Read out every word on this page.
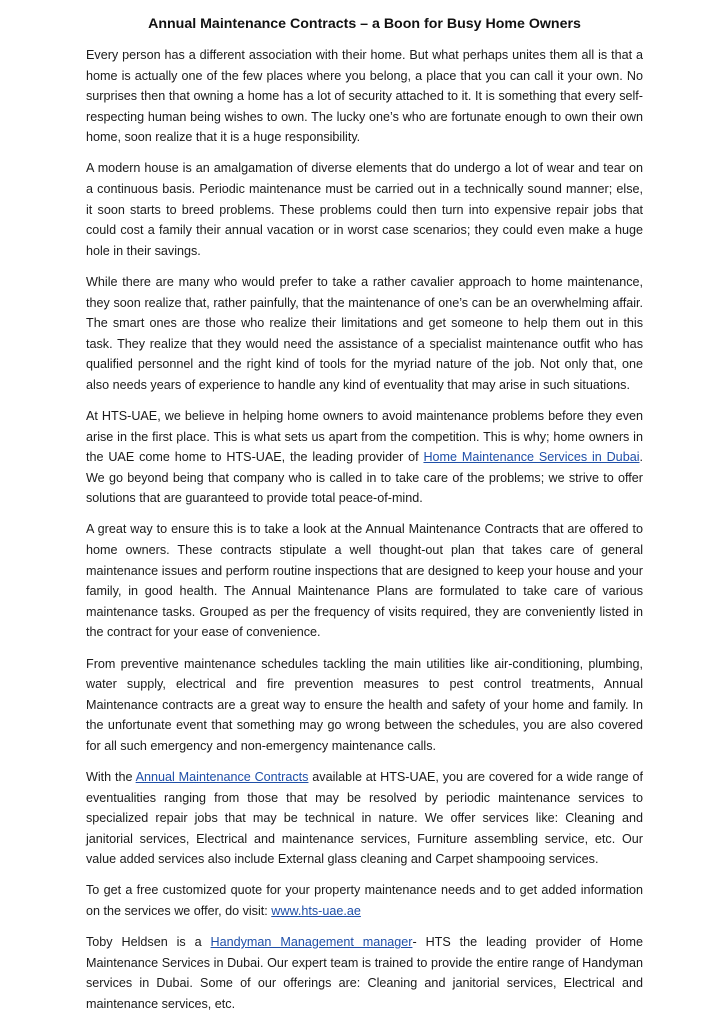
Annual Maintenance Contracts – a Boon for Busy Home Owners

Every person has a different association with their home. But what perhaps unites them all is that a home is actually one of the few places where you belong, a place that you can call it your own. No surprises then that owning a home has a lot of security attached to it. It is something that every self-respecting human being wishes to own. The lucky one’s who are fortunate enough to own their own home, soon realize that it is a huge responsibility.

A modern house is an amalgamation of diverse elements that do undergo a lot of wear and tear on a continuous basis. Periodic maintenance must be carried out in a technically sound manner; else, it soon starts to breed problems. These problems could then turn into expensive repair jobs that could cost a family their annual vacation or in worst case scenarios; they could even make a huge hole in their savings.

While there are many who would prefer to take a rather cavalier approach to home maintenance, they soon realize that, rather painfully, that the maintenance of one’s can be an overwhelming affair. The smart ones are those who realize their limitations and get someone to help them out in this task. They realize that they would need the assistance of a specialist maintenance outfit who has qualified personnel and the right kind of tools for the myriad nature of the job. Not only that, one also needs years of experience to handle any kind of eventuality that may arise in such situations.

At HTS-UAE, we believe in helping home owners to avoid maintenance problems before they even arise in the first place. This is what sets us apart from the competition. This is why; home owners in the UAE come home to HTS-UAE, the leading provider of Home Maintenance Services in Dubai. We go beyond being that company who is called in to take care of the problems; we strive to offer solutions that are guaranteed to provide total peace-of-mind.

A great way to ensure this is to take a look at the Annual Maintenance Contracts that are offered to home owners. These contracts stipulate a well thought-out plan that takes care of general maintenance issues and perform routine inspections that are designed to keep your house and your family, in good health. The Annual Maintenance Plans are formulated to take care of various maintenance tasks. Grouped as per the frequency of visits required, they are conveniently listed in the contract for your ease of convenience.

From preventive maintenance schedules tackling the main utilities like air-conditioning, plumbing, water supply, electrical and fire prevention measures to pest control treatments, Annual Maintenance contracts are a great way to ensure the health and safety of your home and family. In the unfortunate event that something may go wrong between the schedules, you are also covered for all such emergency and non-emergency maintenance calls.

With the Annual Maintenance Contracts available at HTS-UAE, you are covered for a wide range of eventualities ranging from those that may be resolved by periodic maintenance services to specialized repair jobs that may be technical in nature. We offer services like: Cleaning and janitorial services, Electrical and maintenance services, Furniture assembling service, etc. Our value added services also include External glass cleaning and Carpet shampooing services.

To get a free customized quote for your property maintenance needs and to get added information on the services we offer, do visit: www.hts-uae.ae

Toby Heldsen is a Handyman Management manager- HTS the leading provider of Home Maintenance Services in Dubai. Our expert team is trained to provide the entire range of Handyman services in Dubai. Some of our offerings are: Cleaning and janitorial services, Electrical and maintenance services, etc.
